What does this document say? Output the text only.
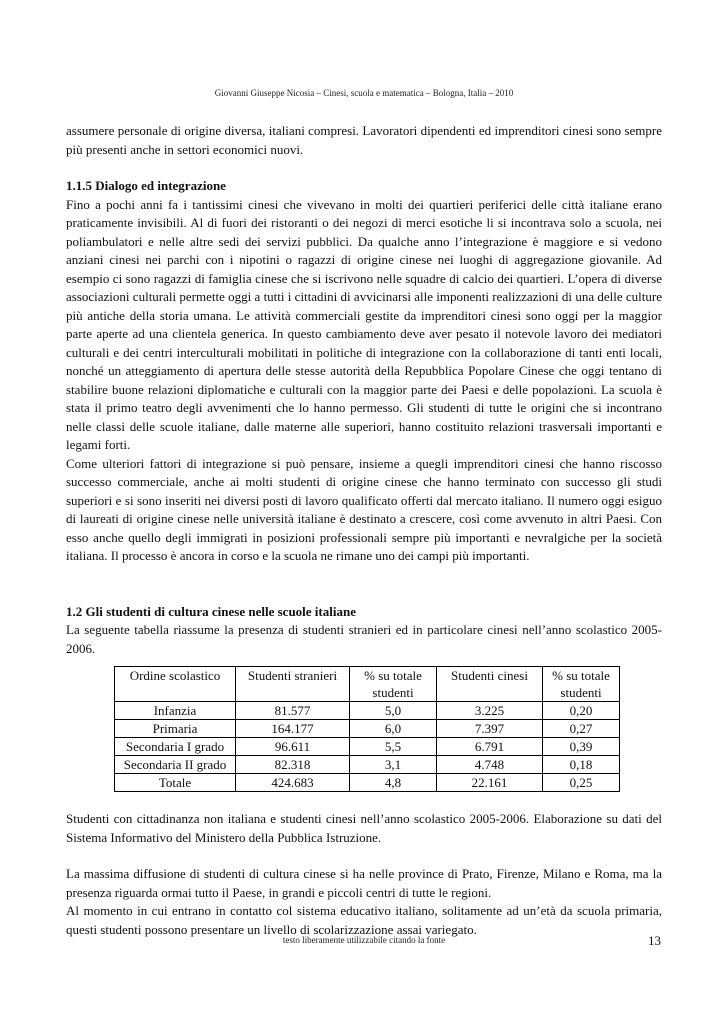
Giovanni Giuseppe Nicosia – Cinesi, scuola e matematica – Bologna, Italia – 2010

assumere personale di origine diversa, italiani compresi. Lavoratori dipendenti ed imprenditori cinesi sono sempre più presenti anche in settori economici nuovi.

1.1.5 Dialogo ed integrazione

Fino a pochi anni fa i tantissimi cinesi che vivevano in molti dei quartieri periferici delle città italiane erano praticamente invisibili. Al di fuori dei ristoranti o dei negozi di merci esotiche li si incontrava solo a scuola, nei poliambulatori e nelle altre sedi dei servizi pubblici. Da qualche anno l’integrazione è maggiore e si vedono anziani cinesi nei parchi con i nipotini o ragazzi di origine cinese nei luoghi di aggregazione giovanile. Ad esempio ci sono ragazzi di famiglia cinese che si iscrivono nelle squadre di calcio dei quartieri. L’opera di diverse associazioni culturali permette oggi a tutti i cittadini di avvicinarsi alle imponenti realizzazioni di una delle culture più antiche della storia umana. Le attività commerciali gestite da imprenditori cinesi sono oggi per la maggior parte aperte ad una clientela generica. In questo cambiamento deve aver pesato il notevole lavoro dei mediatori culturali e dei centri interculturali mobilitati in politiche di integrazione con la collaborazione di tanti enti locali, nonché un atteggiamento di apertura delle stesse autorità della Repubblica Popolare Cinese che oggi tentano di stabilire buone relazioni diplomatiche e culturali con la maggior parte dei Paesi e delle popolazioni. La scuola è stata il primo teatro degli avvenimenti che lo hanno permesso. Gli studenti di tutte le origini che si incontrano nelle classi delle scuole italiane, dalle materne alle superiori, hanno costituito relazioni trasversali importanti e legami forti.

Come ulteriori fattori di integrazione si può pensare, insieme a quegli imprenditori cinesi che hanno riscosso successo commerciale, anche ai molti studenti di origine cinese che hanno terminato con successo gli studi superiori e si sono inseriti nei diversi posti di lavoro qualificato offerti dal mercato italiano. Il numero oggi esiguo di laureati di origine cinese nelle università italiane è destinato a crescere, così come avvenuto in altri Paesi. Con esso anche quello degli immigrati in posizioni professionali sempre più importanti e nevralgiche per la società italiana. Il processo è ancora in corso e la scuola ne rimane uno dei campi più importanti.

1.2 Gli studenti di cultura cinese nelle scuole italiane

La seguente tabella riassume la presenza di studenti stranieri ed in particolare cinesi nell’anno scolastico 2005-2006.

Ordine scolastico	Studenti stranieri	% su totale studenti	Studenti cinesi	% su totale studenti
Infanzia	81.577	5,0	3.225	0,20
Primaria	164.177	6,0	7.397	0,27
Secondaria I grado	96.611	5,5	6.791	0,39
Secondaria II grado	82.318	3,1	4.748	0,18
Totale	424.683	4,8	22.161	0,25

Studenti con cittadinanza non italiana e studenti cinesi nell’anno scolastico 2005-2006. Elaborazione su dati del Sistema Informativo del Ministero della Pubblica Istruzione.

La massima diffusione di studenti di cultura cinese si ha nelle province di Prato, Firenze, Milano e Roma, ma la presenza riguarda ormai tutto il Paese, in grandi e piccoli centri di tutte le regioni.

Al momento in cui entrano in contatto col sistema educativo italiano, solitamente ad un’età da scuola primaria, questi studenti possono presentare un livello di scolarizzazione assai variegato.

testo liberamente utilizzabile citando la fonte	13
